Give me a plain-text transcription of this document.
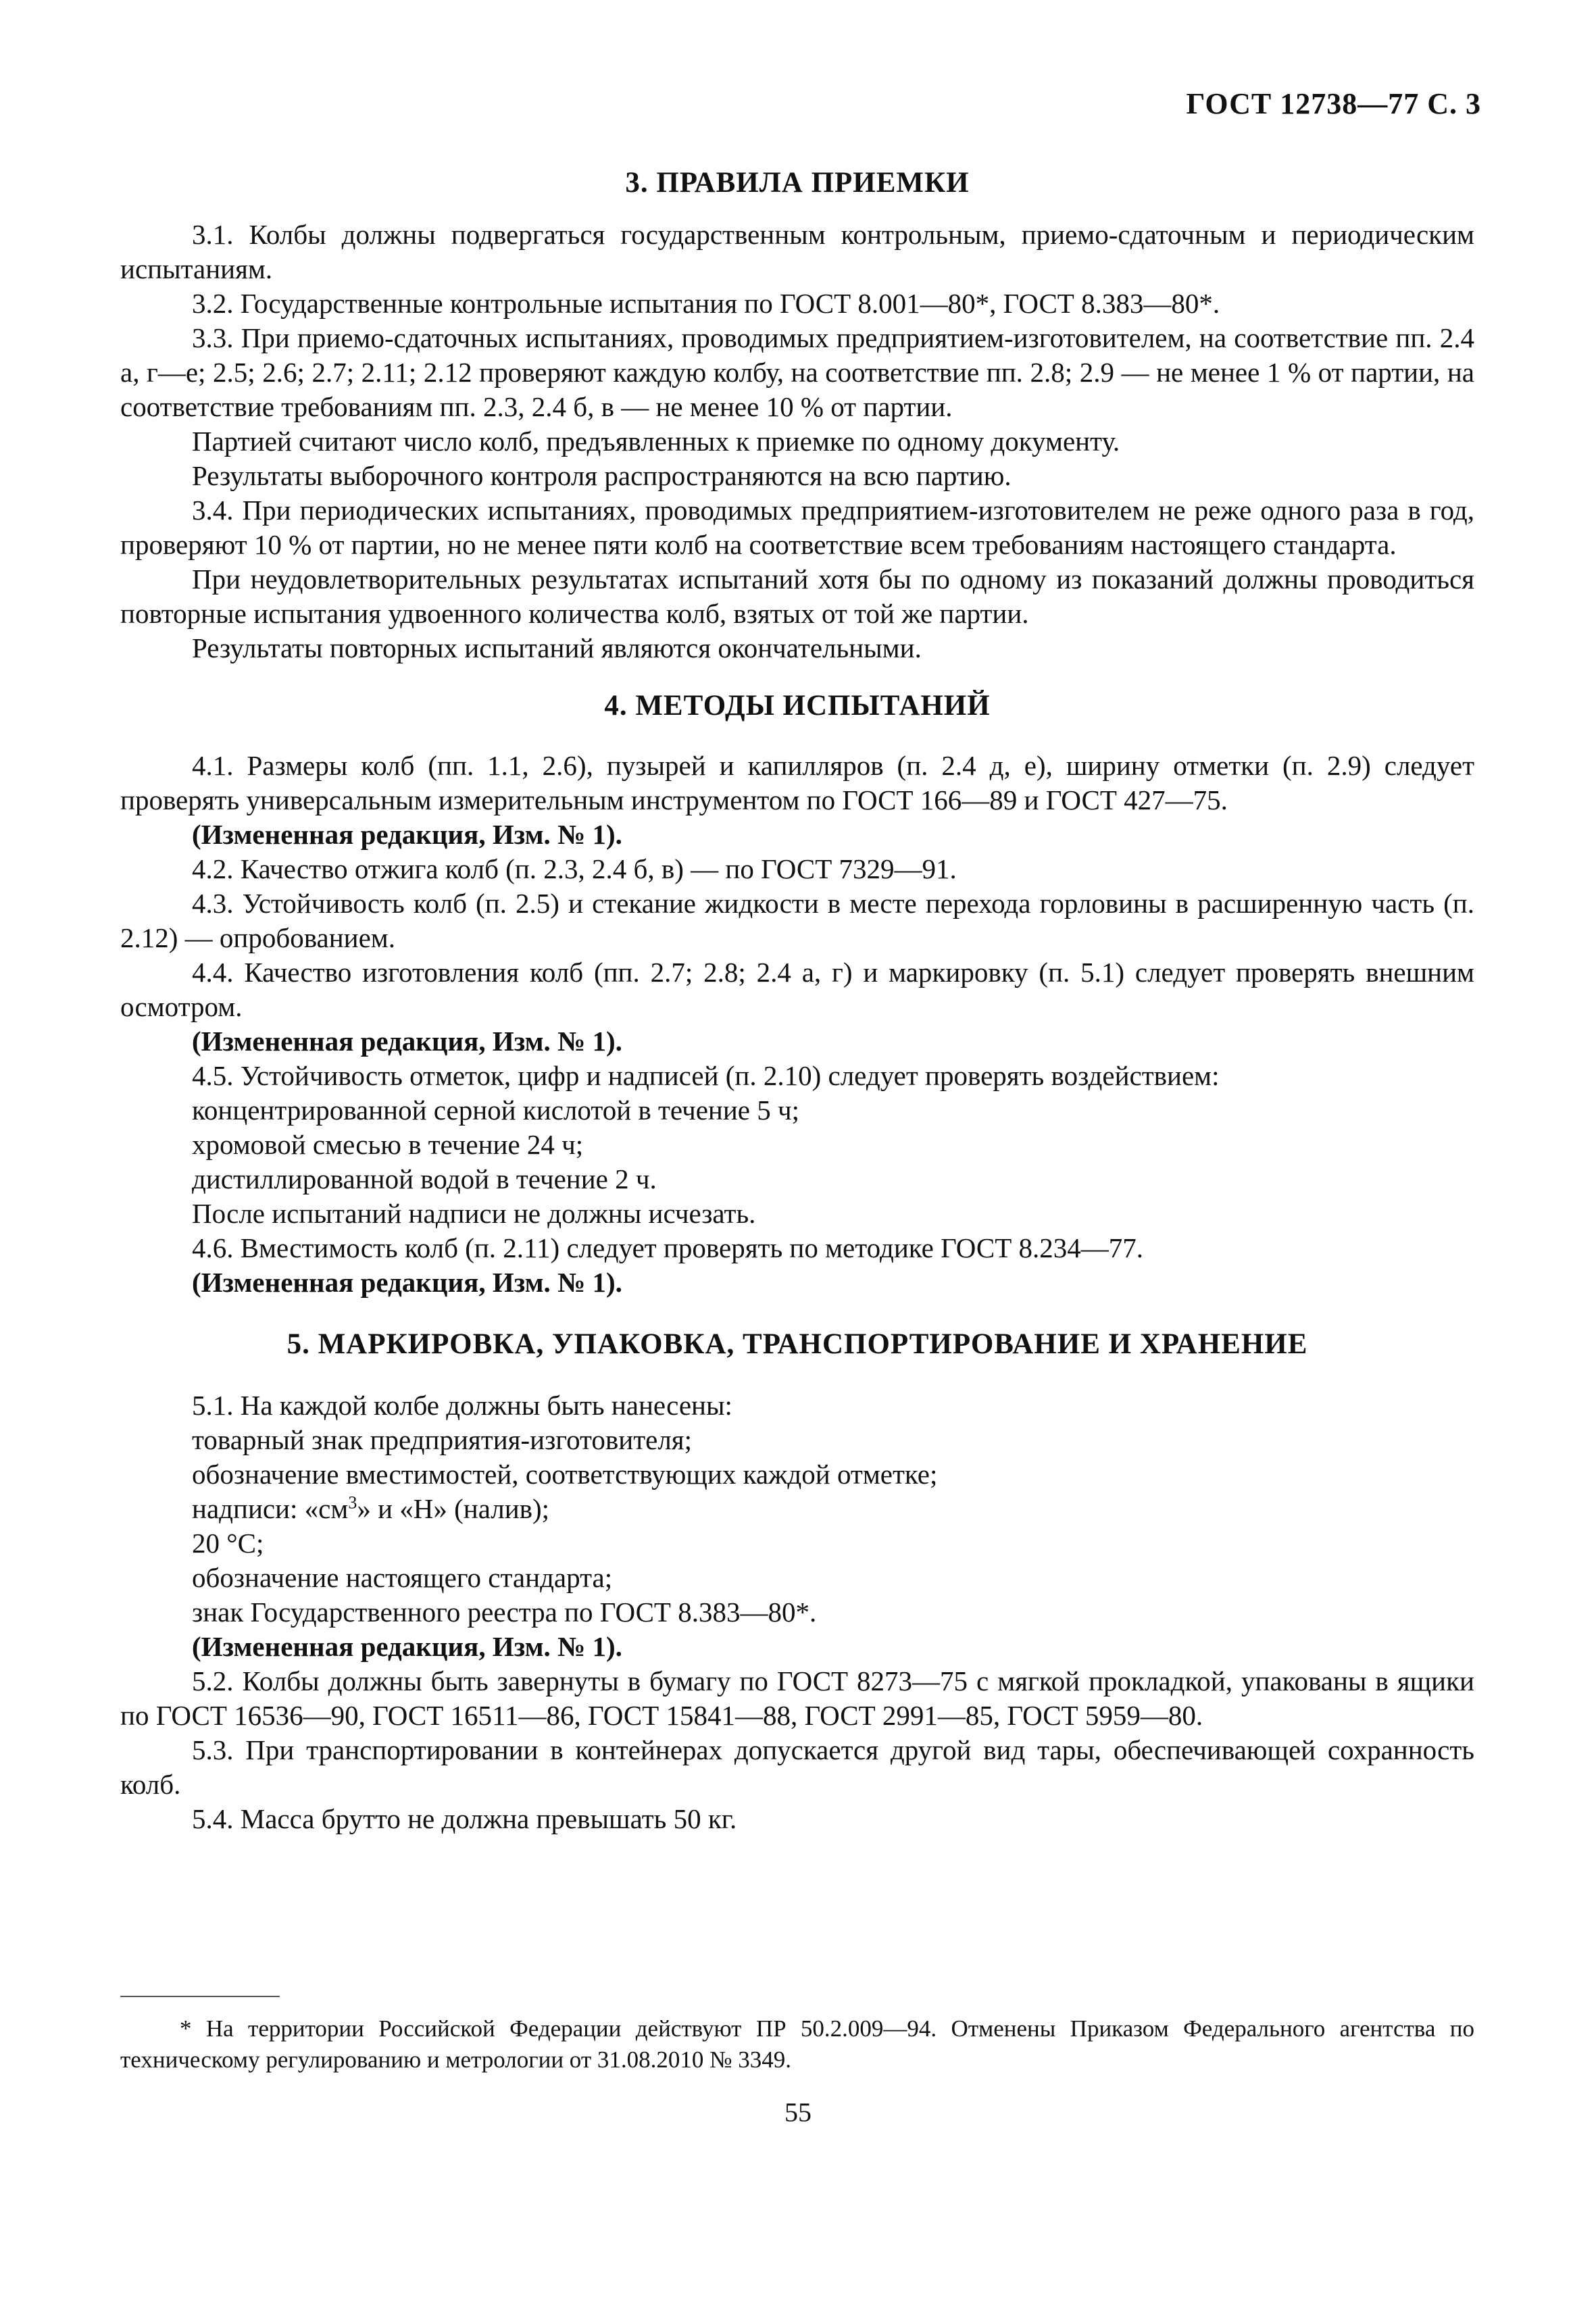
ГОСТ 12738—77 С. 3
3. ПРАВИЛА ПРИЕМКИ

3.1. Колбы должны подвергаться государственным контрольным, приемо-сдаточным и периодическим испытаниям.

3.2. Государственные контрольные испытания по ГОСТ 8.001—80*, ГОСТ 8.383—80*.

3.3. При приемо-сдаточных испытаниях, проводимых предприятием-изготовителем, на соответствие пп. 2.4 а, г—е; 2.5; 2.6; 2.7; 2.11; 2.12 проверяют каждую колбу, на соответствие пп. 2.8; 2.9 — не менее 1 % от партии, на соответствие требованиям пп. 2.3, 2.4 б, в — не менее 10 % от партии.

Партией считают число колб, предъявленных к приемке по одному документу.

Результаты выборочного контроля распространяются на всю партию.

3.4. При периодических испытаниях, проводимых предприятием-изготовителем не реже одного раза в год, проверяют 10 % от партии, но не менее пяти колб на соответствие всем требованиям настоящего стандарта.

При неудовлетворительных результатах испытаний хотя бы по одному из показаний должны проводиться повторные испытания удвоенного количества колб, взятых от той же партии.

Результаты повторных испытаний являются окончательными.

4. МЕТОДЫ ИСПЫТАНИЙ

4.1. Размеры колб (пп. 1.1, 2.6), пузырей и капилляров (п. 2.4 д, е), ширину отметки (п. 2.9) следует проверять универсальным измерительным инструментом по ГОСТ 166—89 и ГОСТ 427—75.

(Измененная редакция, Изм. № 1).

4.2. Качество отжига колб (п. 2.3, 2.4 б, в) — по ГОСТ 7329—91.

4.3. Устойчивость колб (п. 2.5) и стекание жидкости в месте перехода горловины в расширенную часть (п. 2.12) — опробованием.

4.4. Качество изготовления колб (пп. 2.7; 2.8; 2.4 а, г) и маркировку (п. 5.1) следует проверять внешним осмотром.

(Измененная редакция, Изм. № 1).

4.5. Устойчивость отметок, цифр и надписей (п. 2.10) следует проверять воздействием:

концентрированной серной кислотой в течение 5 ч;

хромовой смесью в течение 24 ч;

дистиллированной водой в течение 2 ч.

После испытаний надписи не должны исчезать.

4.6. Вместимость колб (п. 2.11) следует проверять по методике ГОСТ 8.234—77.

(Измененная редакция, Изм. № 1).

5. МАРКИРОВКА, УПАКОВКА, ТРАНСПОРТИРОВАНИЕ И ХРАНЕНИЕ

5.1. На каждой колбе должны быть нанесены:

товарный знак предприятия-изготовителя;

обозначение вместимостей, соответствующих каждой отметке;

надписи: «$см^3$» и «Н» (налив);

20 °С;

обозначение настоящего стандарта;

знак Государственного реестра по ГОСТ 8.383—80*.

(Измененная редакция, Изм. № 1).

5.2. Колбы должны быть завернуты в бумагу по ГОСТ 8273—75 с мягкой прокладкой, упакованы в ящики по ГОСТ 16536—90, ГОСТ 16511—86, ГОСТ 15841—88, ГОСТ 2991—85, ГОСТ 5959—80.

5.3. При транспортировании в контейнерах допускается другой вид тары, обеспечивающей сохранность колб.

5.4. Масса брутто не должна превышать 50 кг.

* На территории Российской Федерации действуют ПР 50.2.009—94. Отменены Приказом Федерального агентства по техническому регулированию и метрологии от 31.08.2010 № 3349.

55
